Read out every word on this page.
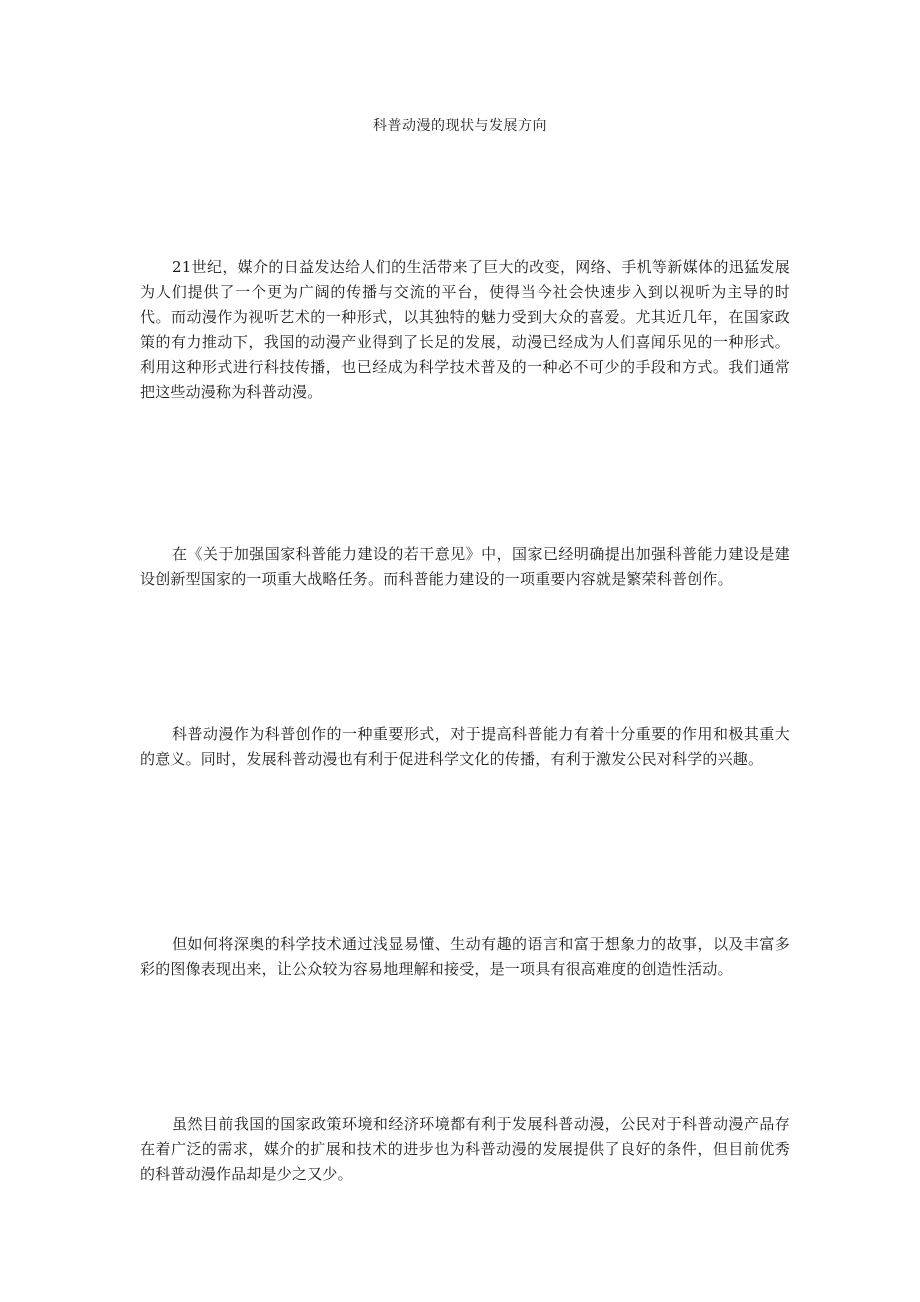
科普动漫的现状与发展方向

21世纪，媒介的日益发达给人们的生活带来了巨大的改变，网络、手机等新媒体的迅猛发展为人们提供了一个更为广阔的传播与交流的平台，使得当今社会快速步入到以视听为主导的时代。而动漫作为视听艺术的一种形式，以其独特的魅力受到大众的喜爱。尤其近几年，在国家政策的有力推动下，我国的动漫产业得到了长足的发展，动漫已经成为人们喜闻乐见的一种形式。利用这种形式进行科技传播，也已经成为科学技术普及的一种必不可少的手段和方式。我们通常把这些动漫称为科普动漫。

在《关于加强国家科普能力建设的若干意见》中，国家已经明确提出加强科普能力建设是建设创新型国家的一项重大战略任务。而科普能力建设的一项重要内容就是繁荣科普创作。

科普动漫作为科普创作的一种重要形式，对于提高科普能力有着十分重要的作用和极其重大的意义。同时，发展科普动漫也有利于促进科学文化的传播，有利于激发公民对科学的兴趣。

但如何将深奥的科学技术通过浅显易懂、生动有趣的语言和富于想象力的故事，以及丰富多彩的图像表现出来，让公众较为容易地理解和接受，是一项具有很高难度的创造性活动。

虽然目前我国的国家政策环境和经济环境都有利于发展科普动漫，公民对于科普动漫产品存在着广泛的需求，媒介的扩展和技术的进步也为科普动漫的发展提供了良好的条件，但目前优秀的科普动漫作品却是少之又少。
